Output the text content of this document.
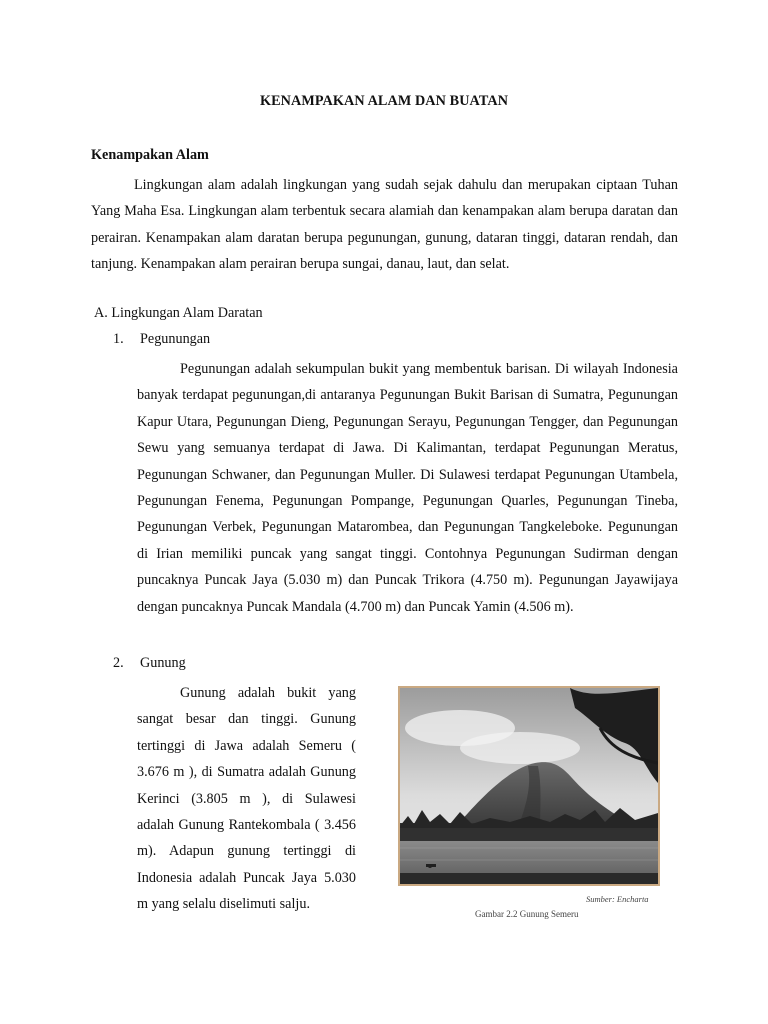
KENAMPAKAN ALAM DAN BUATAN
Kenampakan Alam

Lingkungan alam adalah lingkungan yang sudah sejak dahulu dan merupakan ciptaan Tuhan Yang Maha Esa. Lingkungan alam terbentuk secara alamiah dan kenampakan alam berupa daratan dan perairan. Kenampakan alam daratan berupa pegunungan, gunung, dataran tinggi, dataran rendah, dan tanjung. Kenampakan alam perairan berupa sungai, danau, laut, dan selat.

A. Lingkungan Alam Daratan
1. Pegunungan

Pegunungan adalah sekumpulan bukit yang membentuk barisan. Di wilayah Indonesia banyak terdapat pegunungan,di antaranya Pegunungan Bukit Barisan di Sumatra, Pegunungan Kapur Utara, Pegunungan Dieng, Pegunungan Serayu, Pegunungan Tengger, dan Pegunungan Sewu yang semuanya terdapat di Jawa. Di Kalimantan, terdapat Pegunungan Meratus, Pegunungan Schwaner, dan Pegunungan Muller. Di Sulawesi terdapat Pegunungan Utambela, Pegunungan Fenema, Pegunungan Pompange, Pegunungan Quarles, Pegunungan Tineba, Pegunungan Verbek, Pegunungan Matarombea, dan Pegunungan Tangkeleboke. Pegunungan di Irian memiliki puncak yang sangat tinggi. Contohnya Pegunungan Sudirman dengan puncaknya Puncak Jaya (5.030 m) dan Puncak Trikora (4.750 m). Pegunungan Jayawijaya dengan puncaknya Puncak Mandala (4.700 m) dan Puncak Yamin (4.506 m).

2. Gunung

Gunung adalah bukit yang sangat besar dan tinggi. Gunung tertinggi di Jawa adalah Semeru ( 3.676 m ), di Sumatra adalah Gunung Kerinci (3.805 m ), di Sulawesi adalah Gunung Rantekombala ( 3.456 m). Adapun gunung tertinggi di Indonesia adalah Puncak Jaya 5.030 m yang selalu diselimuti salju.	Sumber: Encharta
Gambar 2.2 Gunung Semeru
